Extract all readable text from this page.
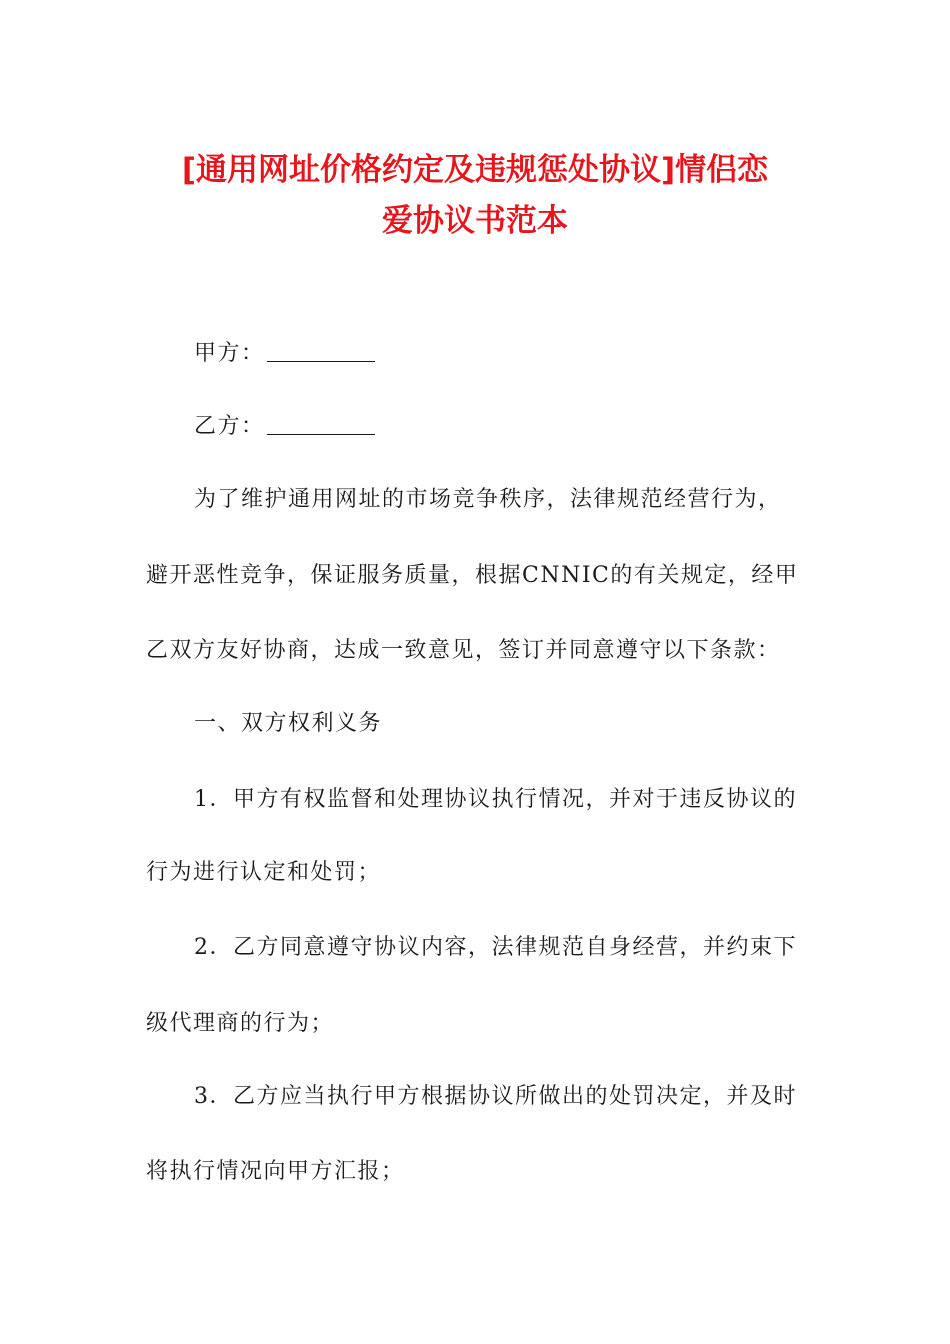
[通用网址价格约定及违规惩处协议]情侣恋
爱协议书范本
甲方：
乙方：
为了维护通用网址的市场竞争秩序，法律规范经营行为，
避开恶性竞争，保证服务质量，根据CNNIC的有关规定，经甲
乙双方友好协商，达成一致意见，签订并同意遵守以下条款：
一、双方权利义务
1．甲方有权监督和处理协议执行情况，并对于违反协议的
行为进行认定和处罚；
2．乙方同意遵守协议内容，法律规范自身经营，并约束下
级代理商的行为；
3．乙方应当执行甲方根据协议所做出的处罚决定，并及时
将执行情况向甲方汇报；
